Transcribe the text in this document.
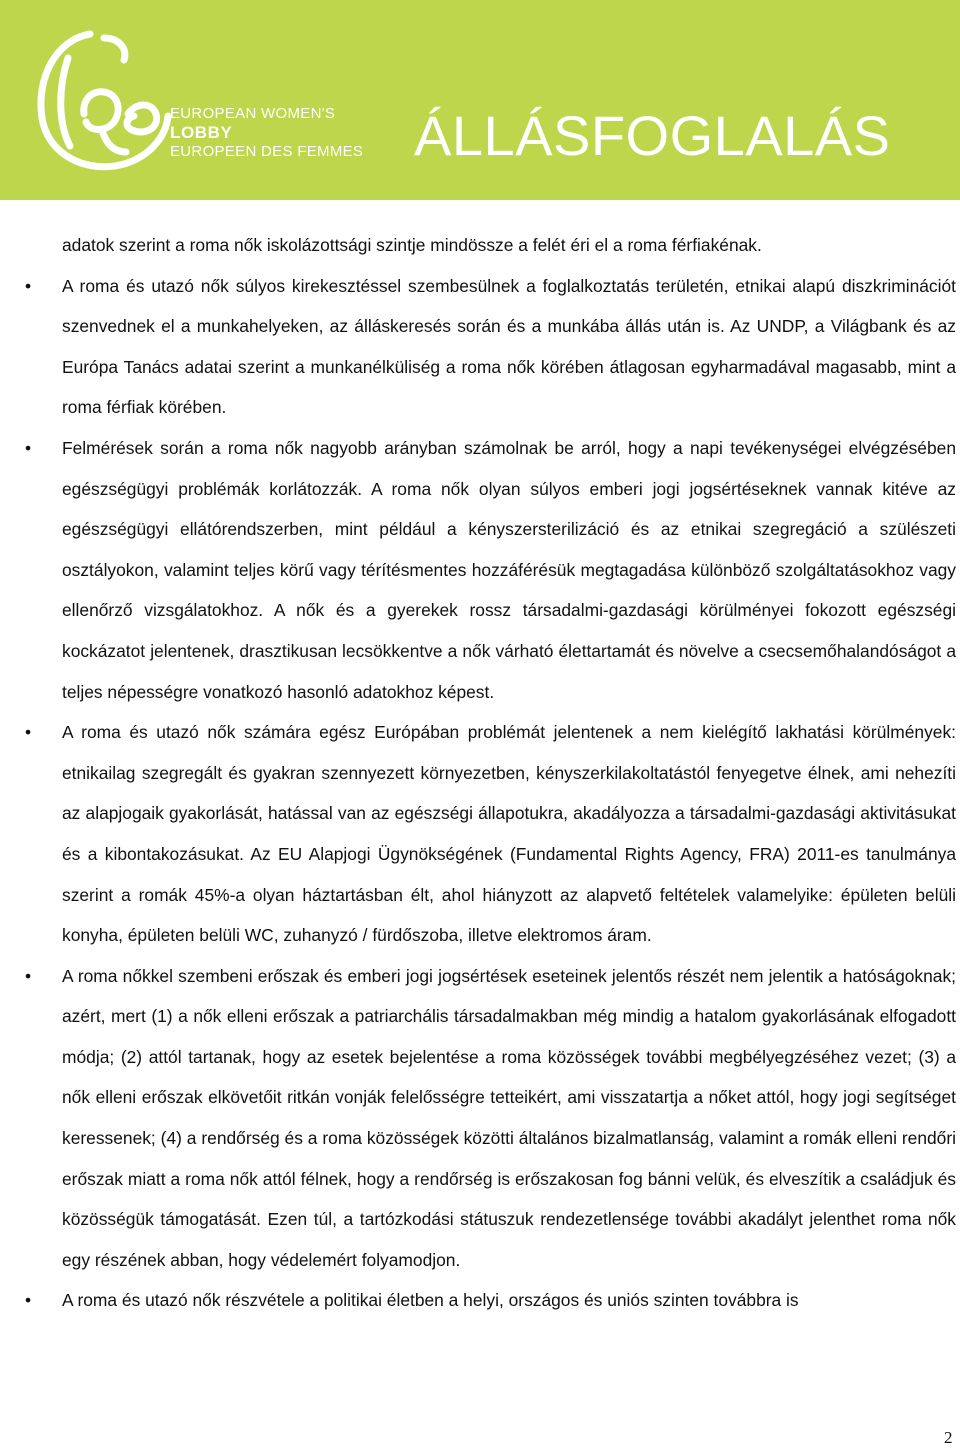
EUROPEAN WOMEN'S
LOBBY
EUROPEEN DES FEMMES ÁLLÁSFOGLALÁS

adatok szerint a roma nők iskolázottsági szintje mindössze a felét éri el a roma férfiakénak.

• A roma és utazó nők súlyos kirekesztéssel szembesülnek a foglalkoztatás területén, etnikai alapú diszkriminációt szenvednek el a munkahelyeken, az álláskeresés során és a munkába állás után is. Az UNDP, a Világbank és az Európa Tanács adatai szerint a munkanélküliség a roma nők körében átlagosan egyharmadával magasabb, mint a roma férfiak körében.
• Felmérések során a roma nők nagyobb arányban számolnak be arról, hogy a napi tevékenységei elvégzésében egészségügyi problémák korlátozzák. A roma nők olyan súlyos emberi jogi jogsértéseknek vannak kitéve az egészségügyi ellátórendszerben, mint például a kényszersterilizáció és az etnikai szegregáció a szülészeti osztályokon, valamint teljes körű vagy térítésmentes hozzáférésük megtagadása különböző szolgáltatásokhoz vagy ellenőrző vizsgálatokhoz. A nők és a gyerekek rossz társadalmi-gazdasági körülményei fokozott egészségi kockázatot jelentenek, drasztikusan lecsökkentve a nők várható élettartamát és növelve a csecsemőhalandóságot a teljes népességre vonatkozó hasonló adatokhoz képest.
• A roma és utazó nők számára egész Európában problémát jelentenek a nem kielégítő lakhatási körülmények: etnikailag szegregált és gyakran szennyezett környezetben, kényszerkilakoltatástól fenyegetve élnek, ami nehezíti az alapjogaik gyakorlását, hatással van az egészségi állapotukra, akadályozza a társadalmi-gazdasági aktivitásukat és a kibontakozásukat. Az EU Alapjogi Ügynökségének (Fundamental Rights Agency, FRA) 2011-es tanulmánya szerint a romák 45%-a olyan háztartásban élt, ahol hiányzott az alapvető feltételek valamelyike: épületen belüli konyha, épületen belüli WC, zuhanyzó / fürdőszoba, illetve elektromos áram.
• A roma nőkkel szembeni erőszak és emberi jogi jogsértések eseteinek jelentős részét nem jelentik a hatóságoknak; azért, mert (1) a nők elleni erőszak a patriarchális társadalmakban még mindig a hatalom gyakorlásának elfogadott módja; (2) attól tartanak, hogy az esetek bejelentése a roma közösségek további megbélyegzéséhez vezet; (3) a nők elleni erőszak elkövetőit ritkán vonják felelősségre tetteikért, ami visszatartja a nőket attól, hogy jogi segítséget keressenek; (4) a rendőrség és a roma közösségek közötti általános bizalmatlanság, valamint a romák elleni rendőri erőszak miatt a roma nők attól félnek, hogy a rendőrség is erőszakosan fog bánni velük, és elveszítik a családjuk és közösségük támogatását. Ezen túl, a tartózkodási státuszuk rendezetlensége további akadályt jelenthet roma nők egy részének abban, hogy védelemért folyamodjon.
• A roma és utazó nők részvétele a politikai életben a helyi, országos és uniós szinten továbbra is
2
